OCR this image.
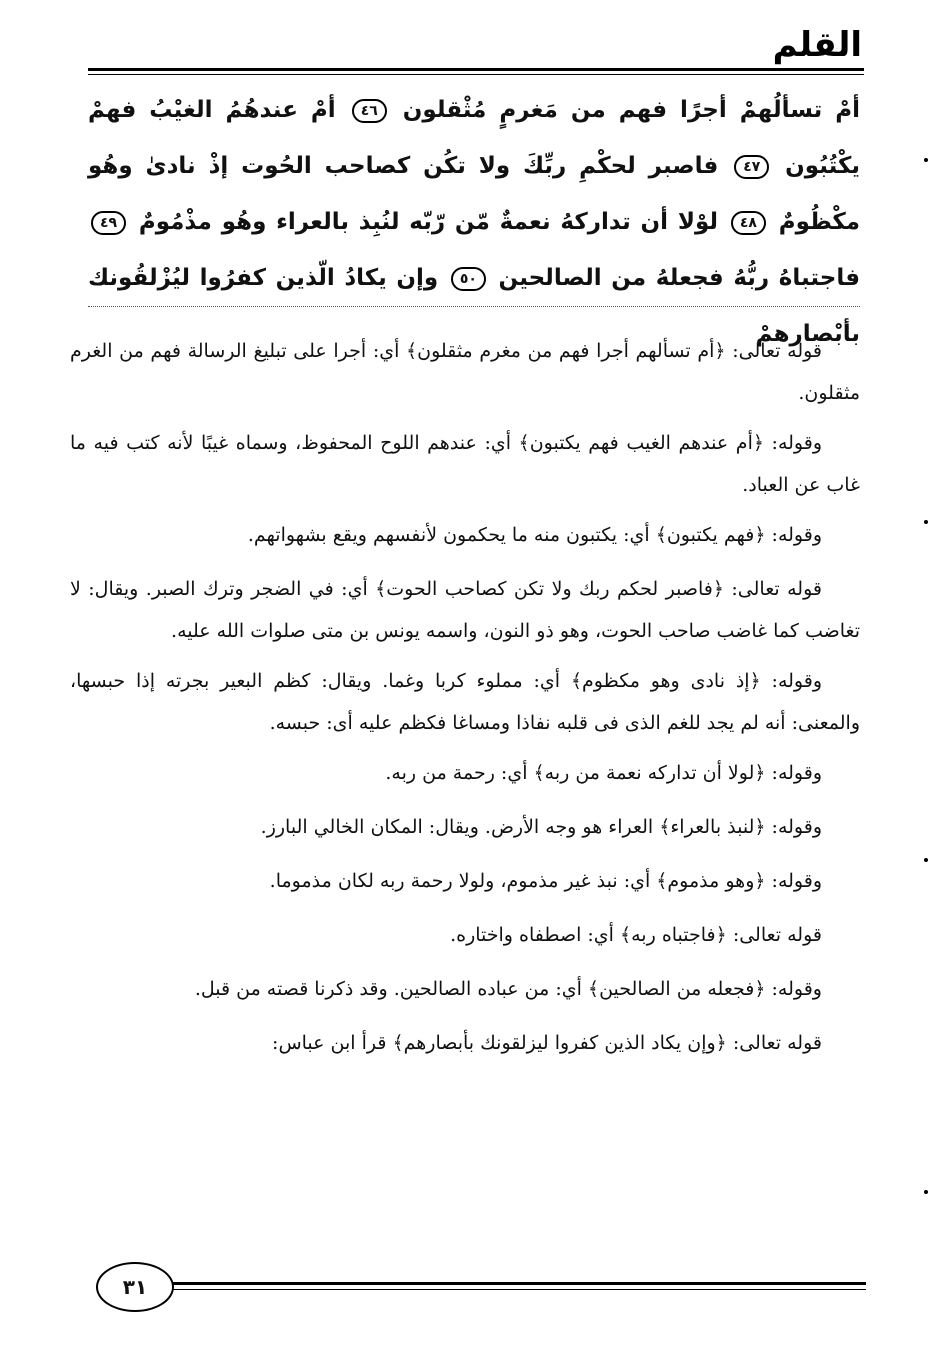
القلم
أمْ تسألُهمْ أجرًا فهم من مَغرمٍ مُثْقلون ٤٦ أمْ عندهُمُ الغيْبُ فهمْ يكْتُبُون ٤٧ فاصبر لحكْمِ ربِّكَ ولا تكُن كصاحب الحُوت إذْ نادىٰ وهُو مكْظُومٌ ٤٨ لوْلا أن تداركهُ نعمةٌ مّن رّبّه لنُبِذ بالعراء وهُو مذْمُومٌ ٤٩ فاجتباهُ ربُّهُ فجعلهُ من الصالحين ٥٠ وإن يكادُ الّذين كفرُوا ليُزْلقُونك بأبْصارهمْ

قوله تعالى: ﴿أم تسألهم أجرا فهم من مغرم مثقلون﴾ أي: أجرا على تبليغ الرسالة فهم من الغرم مثقلون.

وقوله: ﴿أم عندهم الغيب فهم يكتبون﴾ أي: عندهم اللوح المحفوظ، وسماه غيبًا لأنه كتب فيه ما غاب عن العباد.

وقوله: ﴿فهم يكتبون﴾ أي: يكتبون منه ما يحكمون لأنفسهم ويقع بشهواتهم.

قوله تعالى: ﴿فاصبر لحكم ربك ولا تكن كصاحب الحوت﴾ أي: في الضجر وترك الصبر. ويقال: لا تغاضب كما غاضب صاحب الحوت، وهو ذو النون، واسمه يونس بن متى صلوات الله عليه.

وقوله: ﴿إذ نادى وهو مكظوم﴾ أي: مملوء كربا وغما. ويقال: كظم البعير بجرته إذا حبسها، والمعنى: أنه لم يجد للغم الذى فى قلبه نفاذا ومساغا فكظم عليه أى: حبسه.

وقوله: ﴿لولا أن تداركه نعمة من ربه﴾ أي: رحمة من ربه.

وقوله: ﴿لنبذ بالعراء﴾ العراء هو وجه الأرض. ويقال: المكان الخالي البارز.

وقوله: ﴿وهو مذموم﴾ أي: نبذ غير مذموم، ولولا رحمة ربه لكان مذموما.

قوله تعالى: ﴿فاجتباه ربه﴾ أي: اصطفاه واختاره.

وقوله: ﴿فجعله من الصالحين﴾ أي: من عباده الصالحين. وقد ذكرنا قصته من قبل.

قوله تعالى: ﴿وإن يكاد الذين كفروا ليزلقونك بأبصارهم﴾ قرأ ابن عباس:

٣١
